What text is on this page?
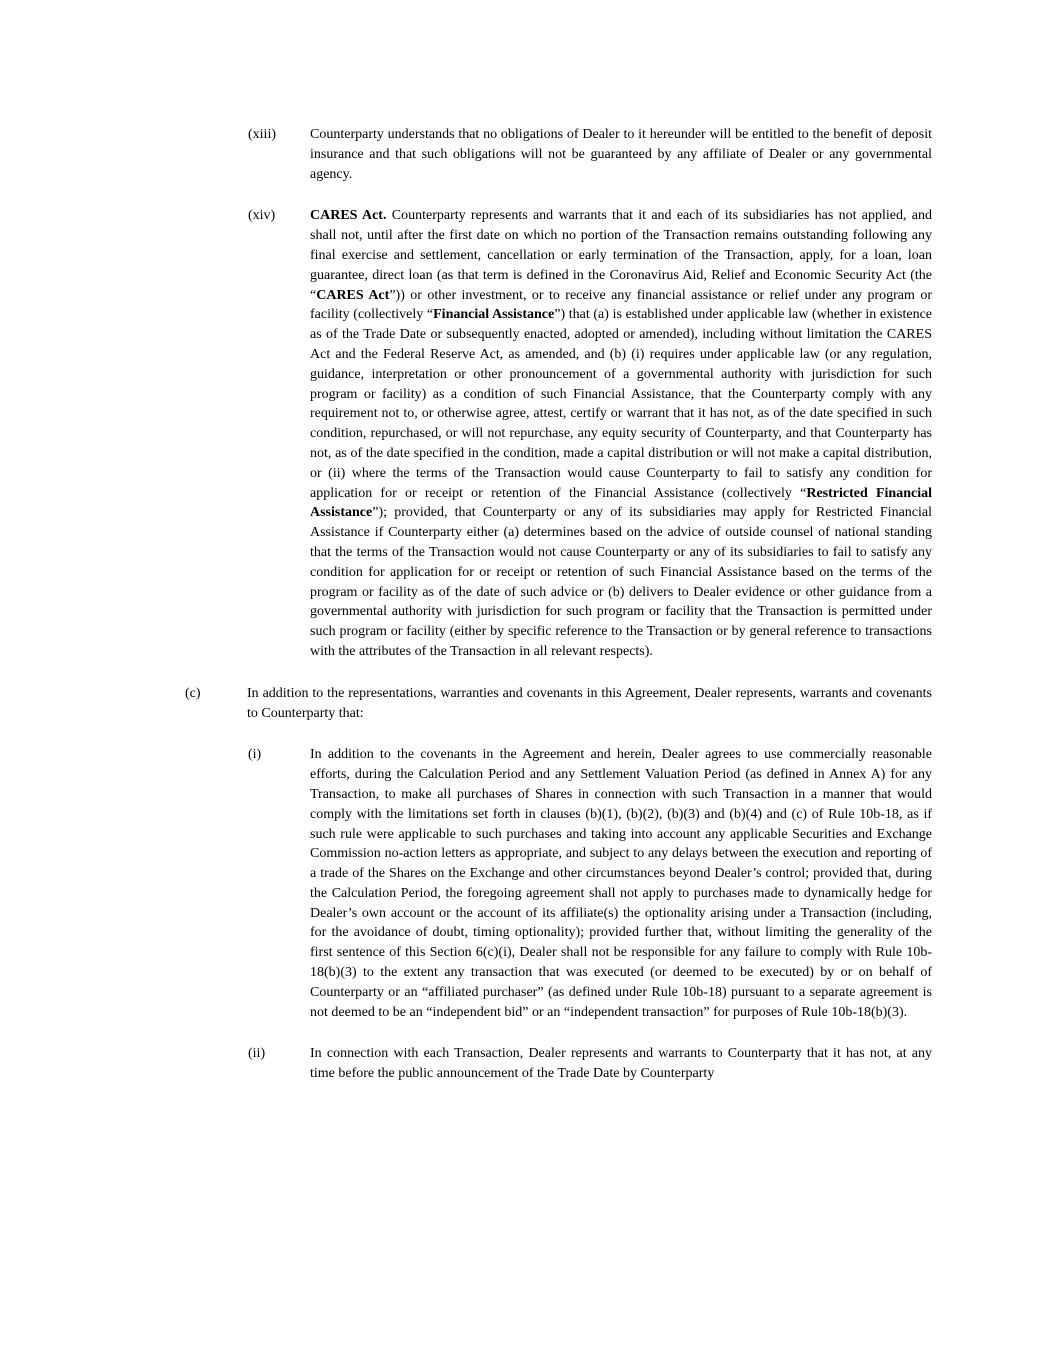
(xiii)	Counterparty understands that no obligations of Dealer to it hereunder will be entitled to the benefit of deposit insurance and that such obligations will not be guaranteed by any affiliate of Dealer or any governmental agency.
(xiv)	CARES Act. Counterparty represents and warrants that it and each of its subsidiaries has not applied, and shall not, until after the first date on which no portion of the Transaction remains outstanding following any final exercise and settlement, cancellation or early termination of the Transaction, apply, for a loan, loan guarantee, direct loan (as that term is defined in the Coronavirus Aid, Relief and Economic Security Act (the “CARES Act”)) or other investment, or to receive any financial assistance or relief under any program or facility (collectively “Financial Assistance”) that (a) is established under applicable law (whether in existence as of the Trade Date or subsequently enacted, adopted or amended), including without limitation the CARES Act and the Federal Reserve Act, as amended, and (b) (i) requires under applicable law (or any regulation, guidance, interpretation or other pronouncement of a governmental authority with jurisdiction for such program or facility) as a condition of such Financial Assistance, that the Counterparty comply with any requirement not to, or otherwise agree, attest, certify or warrant that it has not, as of the date specified in such condition, repurchased, or will not repurchase, any equity security of Counterparty, and that Counterparty has not, as of the date specified in the condition, made a capital distribution or will not make a capital distribution, or (ii) where the terms of the Transaction would cause Counterparty to fail to satisfy any condition for application for or receipt or retention of the Financial Assistance (collectively “Restricted Financial Assistance”); provided, that Counterparty or any of its subsidiaries may apply for Restricted Financial Assistance if Counterparty either (a) determines based on the advice of outside counsel of national standing that the terms of the Transaction would not cause Counterparty or any of its subsidiaries to fail to satisfy any condition for application for or receipt or retention of such Financial Assistance based on the terms of the program or facility as of the date of such advice or (b) delivers to Dealer evidence or other guidance from a governmental authority with jurisdiction for such program or facility that the Transaction is permitted under such program or facility (either by specific reference to the Transaction or by general reference to transactions with the attributes of the Transaction in all relevant respects).
(c)	In addition to the representations, warranties and covenants in this Agreement, Dealer represents, warrants and covenants to Counterparty that:
(i)	In addition to the covenants in the Agreement and herein, Dealer agrees to use commercially reasonable efforts, during the Calculation Period and any Settlement Valuation Period (as defined in Annex A) for any Transaction, to make all purchases of Shares in connection with such Transaction in a manner that would comply with the limitations set forth in clauses (b)(1), (b)(2), (b)(3) and (b)(4) and (c) of Rule 10b-18, as if such rule were applicable to such purchases and taking into account any applicable Securities and Exchange Commission no-action letters as appropriate, and subject to any delays between the execution and reporting of a trade of the Shares on the Exchange and other circumstances beyond Dealer’s control; provided that, during the Calculation Period, the foregoing agreement shall not apply to purchases made to dynamically hedge for Dealer’s own account or the account of its affiliate(s) the optionality arising under a Transaction (including, for the avoidance of doubt, timing optionality); provided further that, without limiting the generality of the first sentence of this Section 6(c)(i), Dealer shall not be responsible for any failure to comply with Rule 10b-18(b)(3) to the extent any transaction that was executed (or deemed to be executed) by or on behalf of Counterparty or an “affiliated purchaser” (as defined under Rule 10b-18) pursuant to a separate agreement is not deemed to be an “independent bid” or an “independent transaction” for purposes of Rule 10b-18(b)(3).
(ii)	In connection with each Transaction, Dealer represents and warrants to Counterparty that it has not, at any time before the public announcement of the Trade Date by Counterparty
